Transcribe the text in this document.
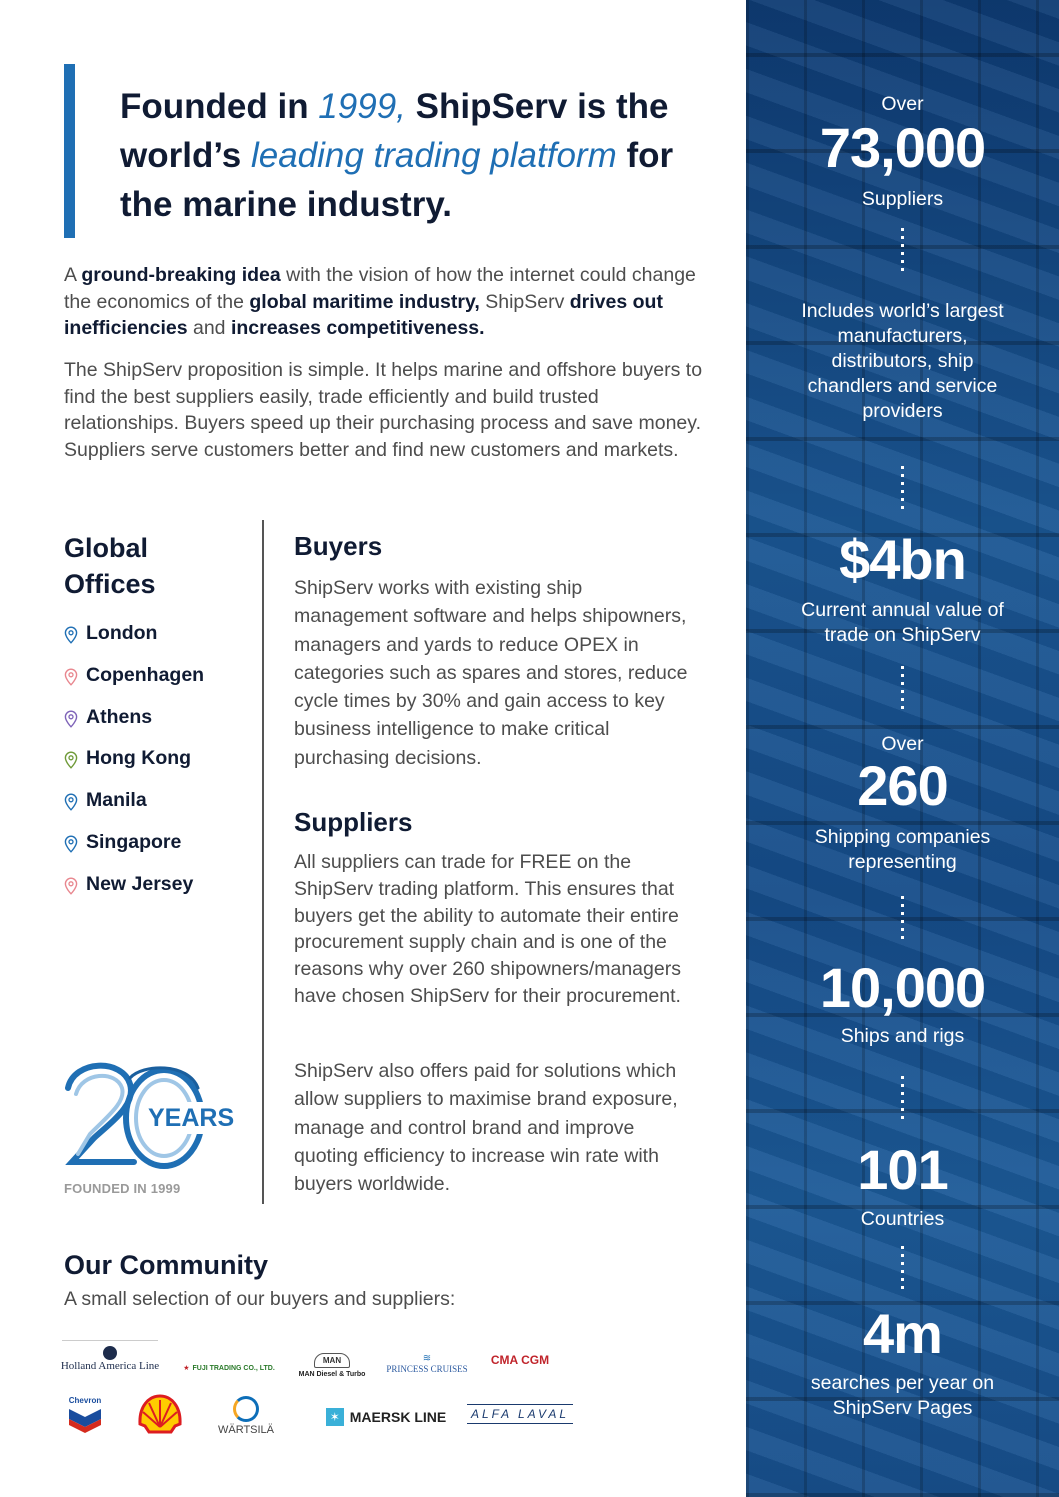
Founded in 1999, ShipServ is the world’s leading trading platform for the marine industry.

A ground-breaking idea with the vision of how the internet could change the economics of the global maritime industry, ShipServ drives out inefficiencies and increases competitiveness.

The ShipServ proposition is simple. It helps marine and offshore buyers to find the best suppliers easily, trade efficiently and build trusted relationships. Buyers speed up their purchasing process and save money. Suppliers serve customers better and find new customers and markets.

Global Offices
London
Copenhagen
Athens
Hong Kong
Manila
Singapore
New Jersey
YEARS
FOUNDED IN 1999
Buyers

ShipServ works with existing ship management software and helps shipowners, managers and yards to reduce OPEX in categories such as spares and stores, reduce cycle times by 30% and gain access to key business intelligence to make critical purchasing decisions.

Suppliers

All suppliers can trade for FREE on the ShipServ trading platform. This ensures that buyers get the ability to automate their entire procurement supply chain and is one of the reasons why over 260 shipowners/managers have chosen ShipServ for their procurement.

ShipServ also offers paid for solutions which allow suppliers to maximise brand exposure, manage and control brand and improve quoting efficiency to increase win rate with buyers worldwide.

Our Community

A small selection of our buyers and suppliers:

Holland America Line	★ FUJI TRADING CO., LTD.
MAN
MAN Diesel & Turbo
≋
PRINCESS CRUISES
CMA CGM
Chevron
WÄRTSILÄ
✶ MAERSK LINE	ALFA LAVAL
Over
73,000
Suppliers
Includes world’s largest manufacturers, distributors, ship chandlers and service providers
$4bn
Current annual value of trade on ShipServ
Over
260
Shipping companies representing
10,000
Ships and rigs
101
Countries
4m
searches per year on ShipServ Pages
